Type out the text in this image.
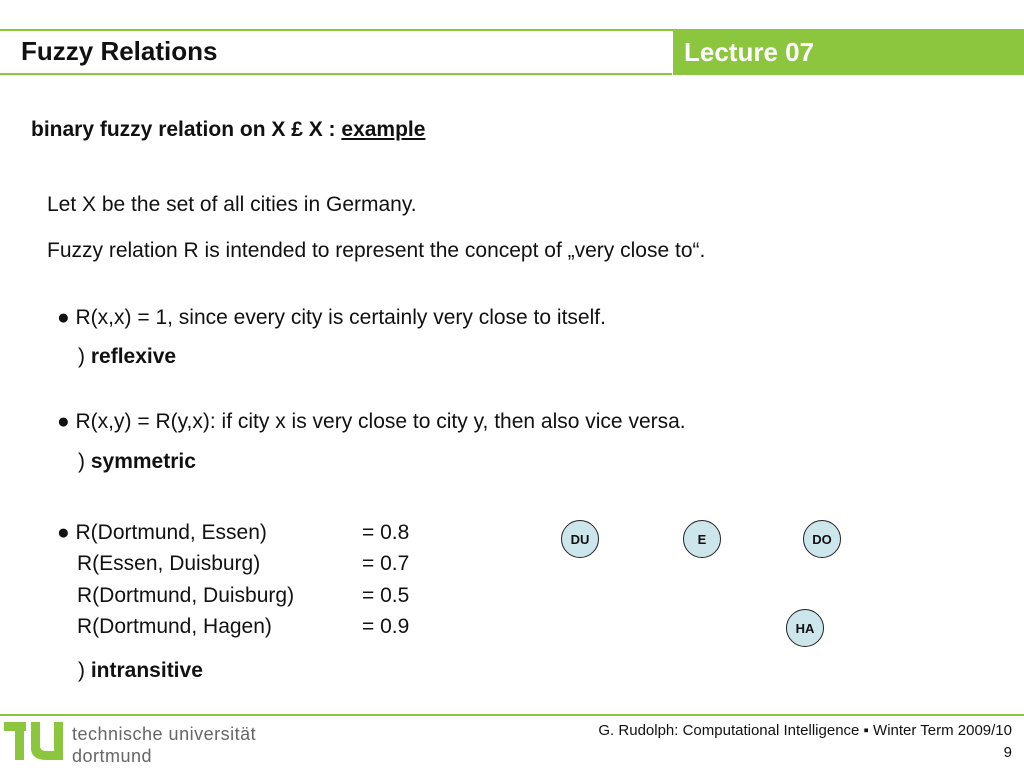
Fuzzy Relations	Lecture 07
binary fuzzy relation on X £ X : example
Let X be the set of all cities in Germany.
Fuzzy relation R is intended to represent the concept of „very close to“.
● R(x,x) = 1, since every city is certainly very close to itself.
) reflexive
● R(x,y) = R(y,x): if city x is very close to city y, then also vice versa.
) symmetric
● R(Dortmund, Essen)	= 0.8
R(Essen, Duisburg)	= 0.7
R(Dortmund, Duisburg)	= 0.5
R(Dortmund, Hagen)	= 0.9
) intransitive
DU	E	DO
HA
technische universität
dortmund
G. Rudolph: Computational Intelligence ▪ Winter Term 2009/10
9
